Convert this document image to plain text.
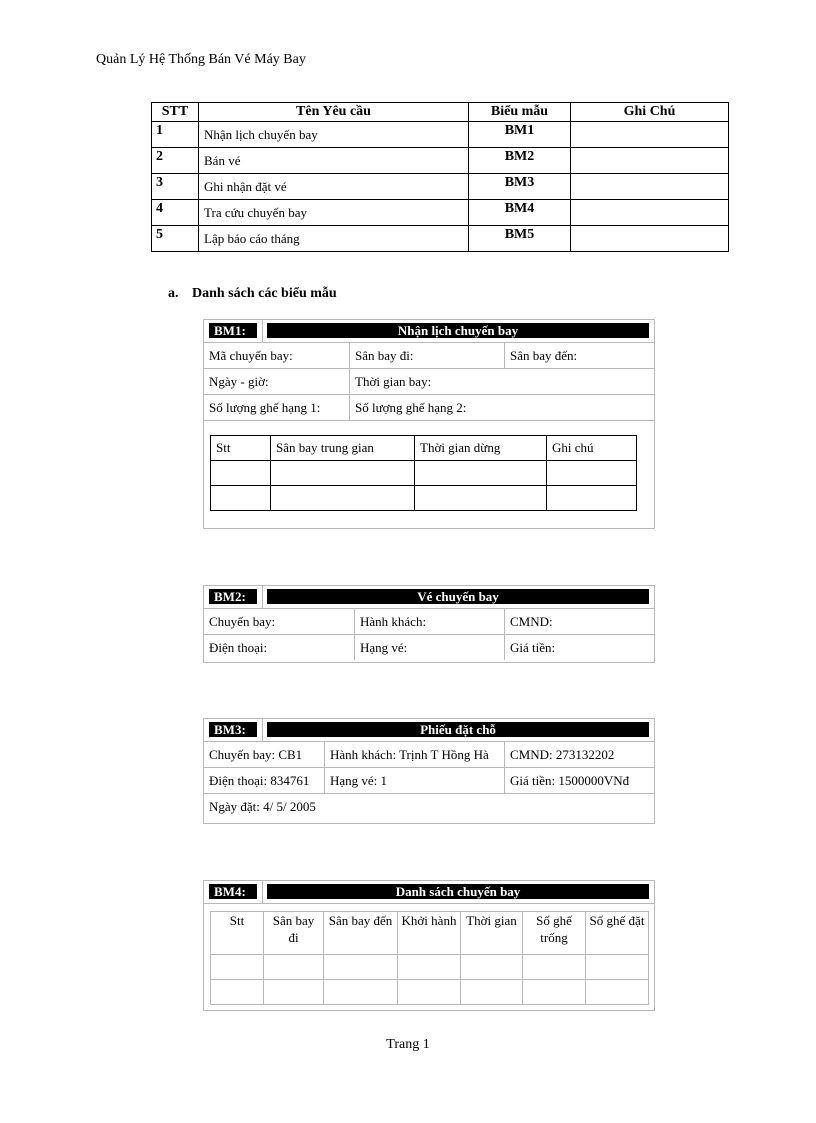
Quản Lý Hệ Thống Bán Vé Máy Bay
STT	Tên Yêu cầu	Biểu mẫu	Ghi Chú
1	Nhận lịch chuyến bay	BM1	
2	Bán vé	BM2	
3	Ghi nhận đặt vé	BM3	
4	Tra cứu chuyến bay	BM4	
5	Lập báo cáo tháng	BM5	
a. Danh sách các biểu mẫu
BM1:	Nhận lịch chuyến bay
Mã chuyến bay:	Sân bay đi:	Sân bay đến:
Ngày - giờ:	Thời gian bay:
Số lượng ghế hạng 1:	Số lượng ghế hạng 2:
Stt	Sân bay trung gian	Thời gian dừng	Ghi chú

BM2:	Vé chuyến bay
Chuyến bay:	Hành khách:	CMND:
Điện thoại:	Hạng vé:	Giá tiền:
BM3:	Phiếu đặt chỗ
Chuyến bay: CB1	Hành khách: Trịnh T Hồng Hà	CMND: 273132202
Điện thoại: 834761	Hạng vé: 1	Giá tiền: 1500000VNđ
Ngày đặt: 4/ 5/ 2005
BM4:	Danh sách chuyến bay
Stt	Sân bay đi	Sân bay đến	Khởi hành	Thời gian	Số ghế trống	Số ghế đặt

Trang 1
